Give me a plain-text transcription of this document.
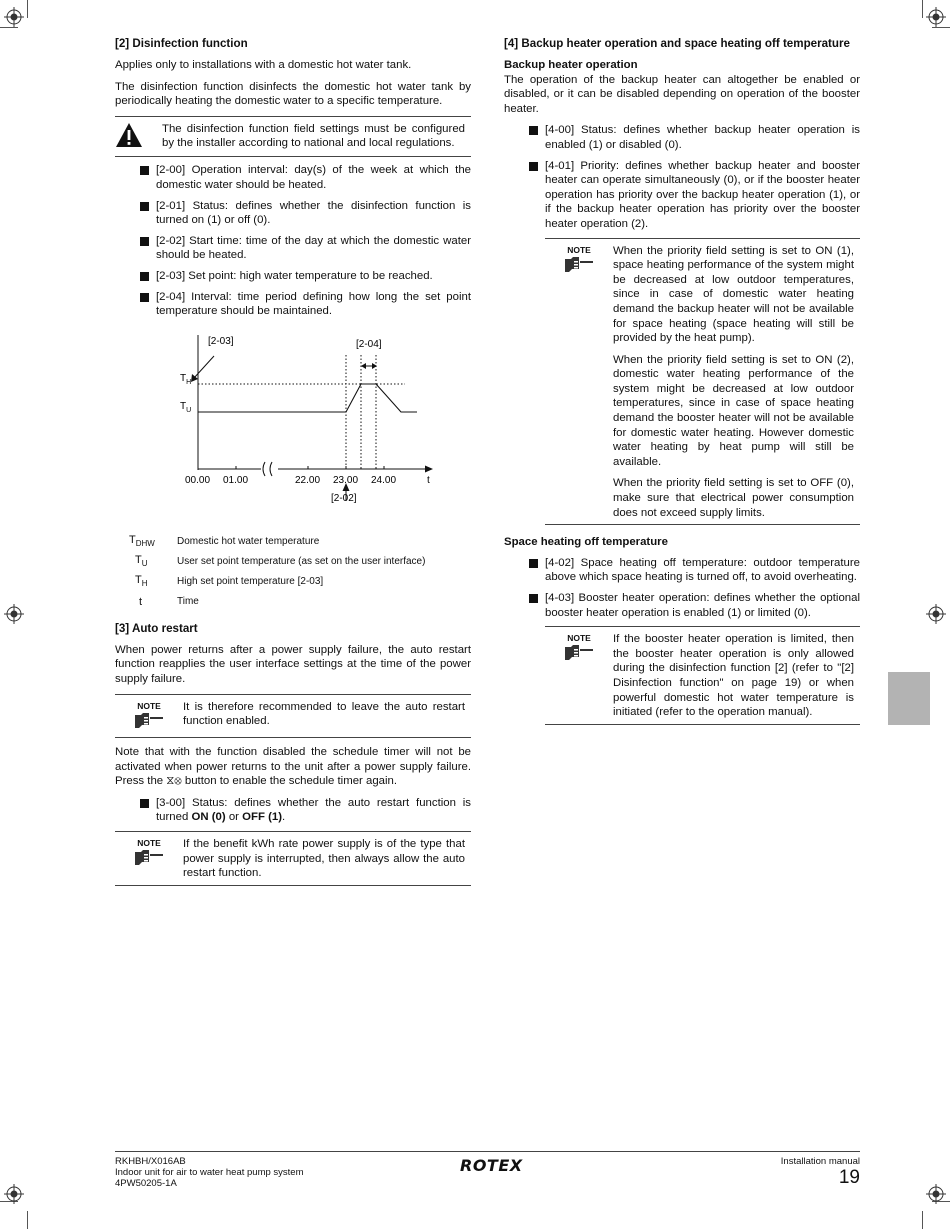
[2] Disinfection function

Applies only to installations with a domestic hot water tank.

The disinfection function disinfects the domestic hot water tank by periodically heating the domestic water to a specific temperature.

The disinfection function field settings must be configured by the installer according to national and local regulations.
[2-00] Operation interval: day(s) of the week at which the domestic water should be heated.
[2-01] Status: defines whether the disinfection function is turned on (1) or off (0).
[2-02] Start time: time of the day at which the domestic water should be heated.
[2-03] Set point: high water temperature to be reached.
[2-04] Interval: time period defining how long the set point temperature should be maintained.
[2-03]	[2-04]
[2-02]
$T_H$
$T_U$
00.00 01.00	22.00 23.00 24.00	t
$T_{DHW}$	Domestic hot water temperature
$T_U$	User set point temperature (as set on the user interface)
$T_H$	High set point temperature [2-03]
t	Time
[3] Auto restart

When power returns after a power supply failure, the auto restart function reapplies the user interface settings at the time of the power supply failure.

NOTE	It is therefore recommended to leave the auto restart function enabled.

Note that with the function disabled the schedule timer will not be activated when power returns to the unit after a power supply failure. Press the ⧖⊗ button to enable the schedule timer again.

[3-00] Status: defines whether the auto restart function is turned ON (0) or OFF (1).
NOTE	If the benefit kWh rate power supply is of the type that power supply is interrupted, then always allow the auto restart function.
[4] Backup heater operation and space heating off temperature
Backup heater operation

The operation of the backup heater can altogether be enabled or disabled, or it can be disabled depending on operation of the booster heater.

[4-00] Status: defines whether backup heater operation is enabled (1) or disabled (0).
[4-01] Priority: defines whether backup heater and booster heater can operate simultaneously (0), or if the booster heater operation has priority over the backup heater operation (1), or if the backup heater operation has priority over the booster heater operation (2).
NOTE	When the priority field setting is set to ON (1), space heating performance of the system might be decreased at low outdoor temperatures, since in case of domestic water heating demand the backup heater will not be available for space heating (space heating will still be provided by the heat pump).

When the priority field setting is set to ON (2), domestic water heating performance of the system might be decreased at low outdoor temperatures, since in case of space heating demand the booster heater will not be available for domestic water heating. However domestic water heating by heat pump will still be available.

When the priority field setting is set to OFF (0), make sure that electrical power consumption does not exceed supply limits.

Space heating off temperature
[4-02] Space heating off temperature: outdoor temperature above which space heating is turned off, to avoid overheating.
[4-03] Booster heater operation: defines whether the optional booster heater operation is enabled (1) or limited (0).
NOTE	If the booster heater operation is limited, then the booster heater operation is only allowed during the disinfection function [2] (refer to "[2] Disinfection function" on page 19) or when powerful domestic hot water temperature is initiated (refer to the operation manual).
RKHBH/X016AB
Indoor unit for air to water heat pump system
4PW50205-1A
ROTEX	Installation manual
19
